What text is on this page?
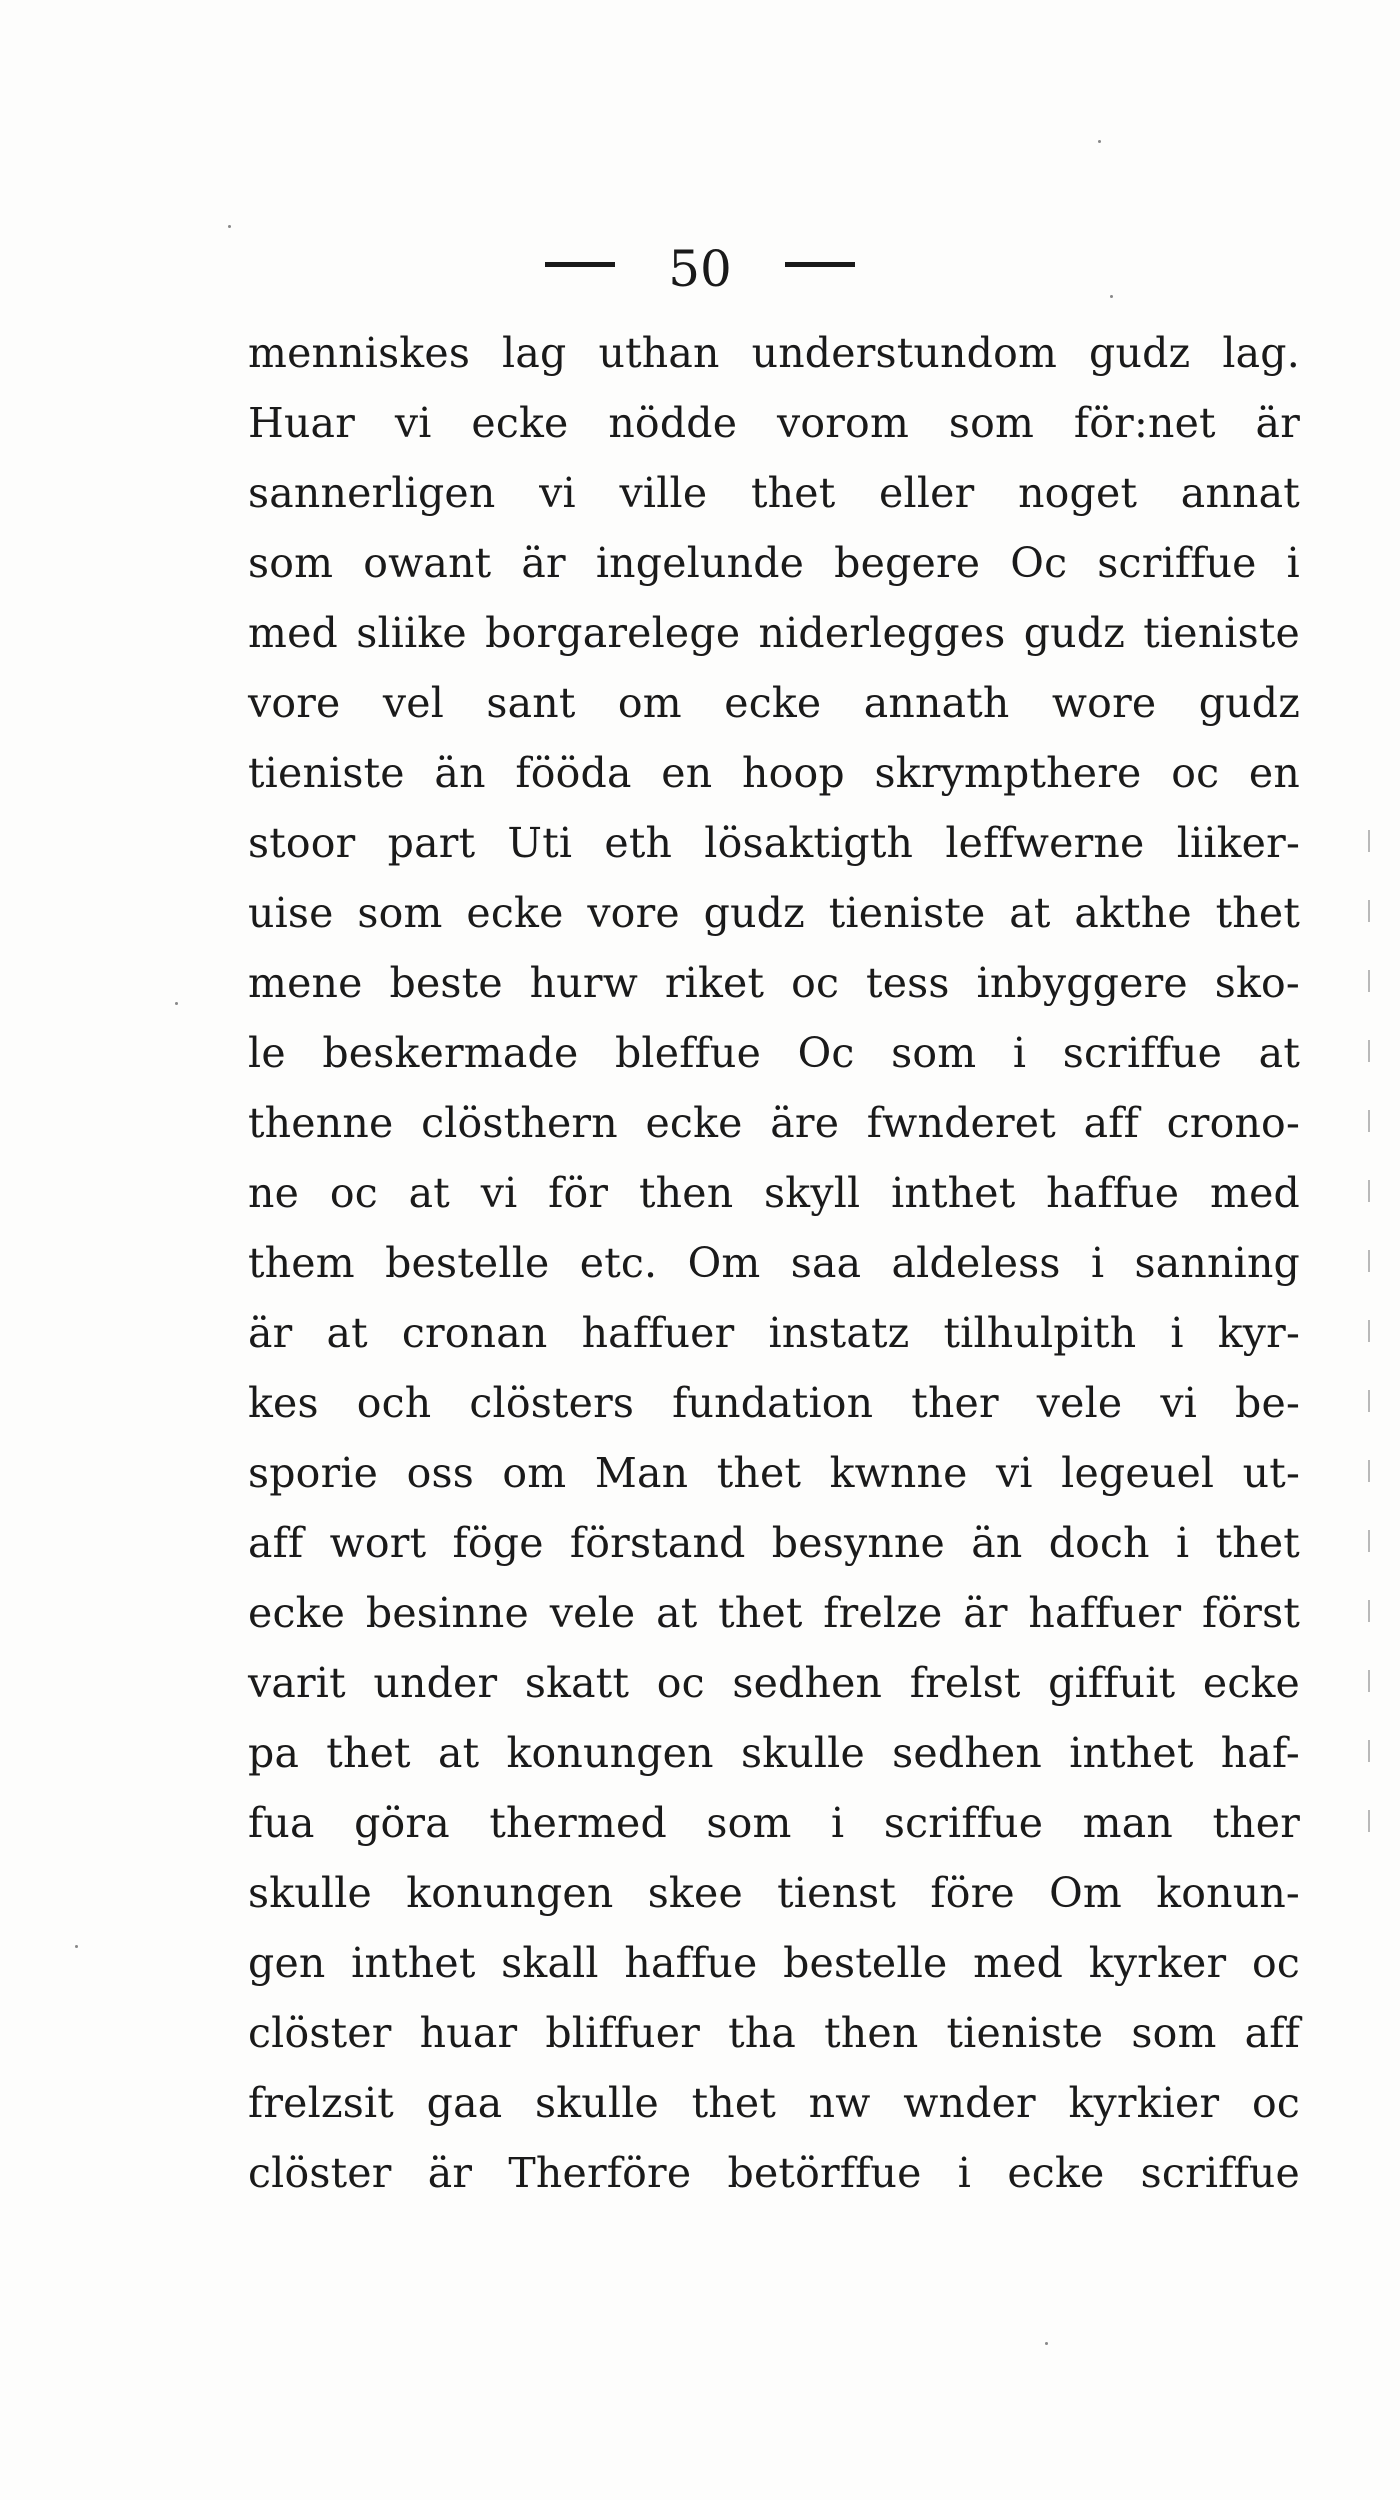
50
menniskes lag uthan understundom gudz lag.
Huar vi ecke nödde vorom som för:net är
sannerligen vi ville thet eller noget annat
som owant är ingelunde begere Oc scriffue i
med sliike borgarelege niderlegges gudz tieniste
vore vel sant om ecke annath wore gudz
tieniste än fööda en hoop skrympthere oc en
stoor part Uti eth lösaktigth leffwerne liiker-
uise som ecke vore gudz tieniste at akthe thet
mene beste hurw riket oc tess inbyggere sko-
le beskermade bleffue Oc som i scriffue at
thenne clösthern ecke äre fwnderet aff crono-
ne oc at vi för then skyll inthet haffue med
them bestelle etc. Om saa aldeless i sanning
är at cronan haffuer instatz tilhulpith i kyr-
kes och clösters fundation ther vele vi be-
sporie oss om Man thet kwnne vi legeuel ut-
aff wort föge förstand besynne än doch i thet
ecke besinne vele at thet frelze är haffuer först
varit under skatt oc sedhen frelst giffuit ecke
pa thet at konungen skulle sedhen inthet haf-
fua göra thermed som i scriffue man ther
skulle konungen skee tienst före Om konun-
gen inthet skall haffue bestelle med kyrker oc
clöster huar bliffuer tha then tieniste som aff
frelzsit gaa skulle thet nw wnder kyrkier oc
clöster är Therföre betörffue i ecke scriffue
